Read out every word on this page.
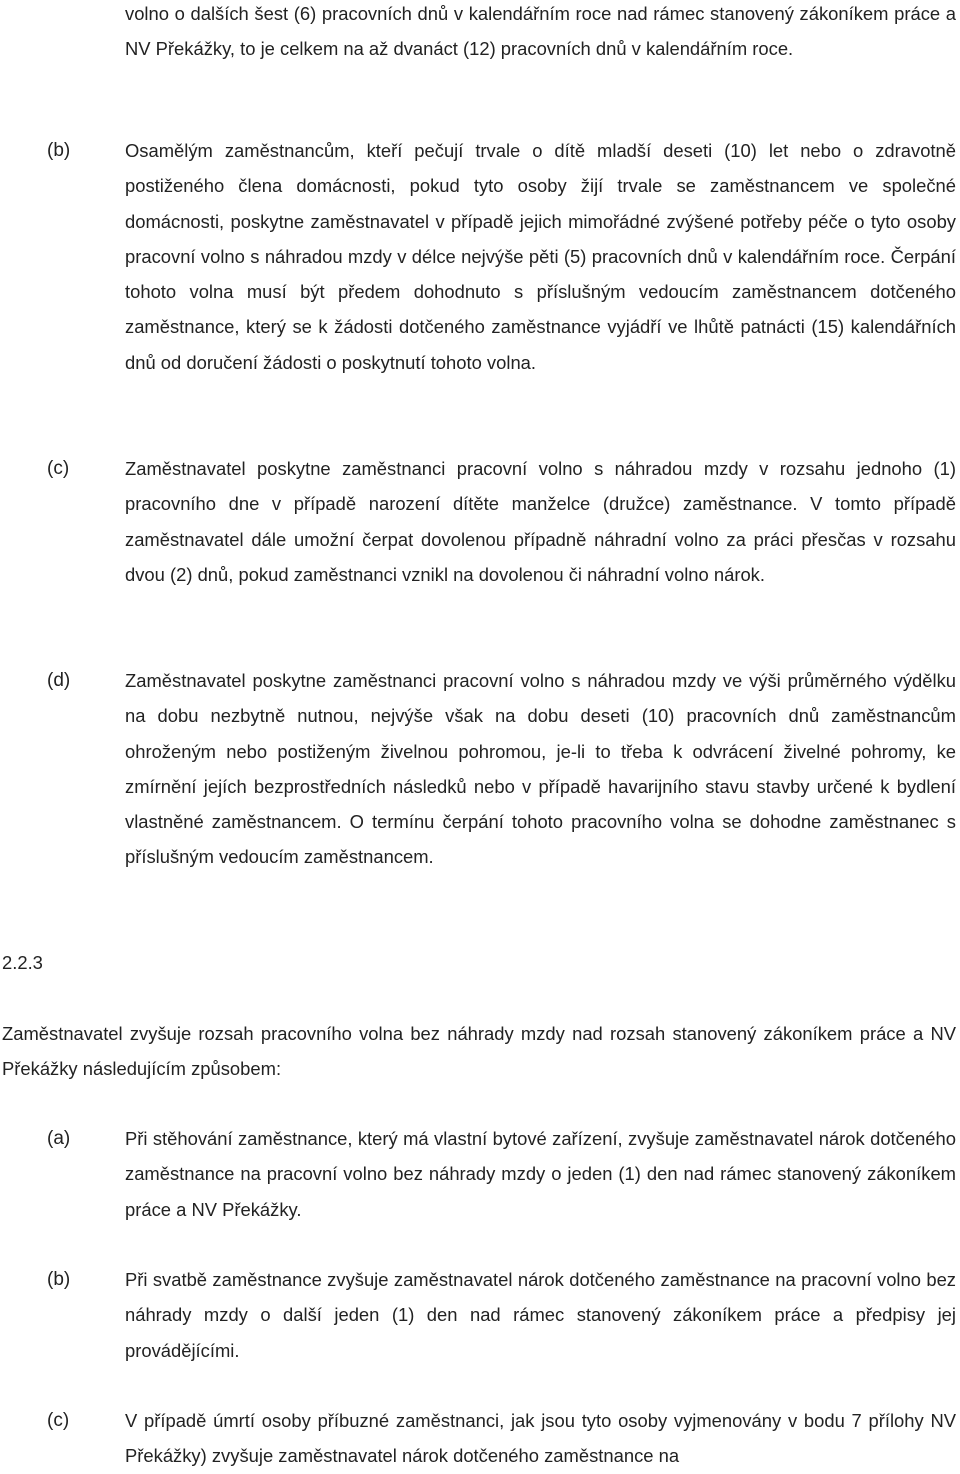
volno o dalších šest (6) pracovních dnů v kalendářním roce nad rámec stanovený zákoníkem práce a NV Překážky, to je celkem na až dvanáct (12) pracovních dnů v kalendářním roce.
(b)	Osamělým zaměstnancům, kteří pečují trvale o dítě mladší deseti (10) let nebo o zdravotně postiženého člena domácnosti, pokud tyto osoby žijí trvale se zaměstnancem ve společné domácnosti, poskytne zaměstnavatel v případě jejich mimořádné zvýšené potřeby péče o tyto osoby pracovní volno s náhradou mzdy v délce nejvýše pěti (5) pracovních dnů v kalendářním roce. Čerpání tohoto volna musí být předem dohodnuto s příslušným vedoucím zaměstnancem dotčeného zaměstnance, který se k žádosti dotčeného zaměstnance vyjádří ve lhůtě patnácti (15) kalendářních dnů od doručení žádosti o poskytnutí tohoto volna.
(c)	Zaměstnavatel poskytne zaměstnanci pracovní volno s náhradou mzdy v rozsahu jednoho (1) pracovního dne v případě narození dítěte manželce (družce) zaměstnance. V tomto případě zaměstnavatel dále umožní čerpat dovolenou případně náhradní volno za práci přesčas v rozsahu dvou (2) dnů, pokud zaměstnanci vznikl na dovolenou či náhradní volno nárok.
(d)	Zaměstnavatel poskytne zaměstnanci pracovní volno s náhradou mzdy ve výši průměrného výdělku na dobu nezbytně nutnou, nejvýše však na dobu deseti (10) pracovních dnů zaměstnancům ohroženým nebo postiženým živelnou pohromou, je-li to třeba k odvrácení živelné pohromy, ke zmírnění jejích bezprostředních následků nebo v případě havarijního stavu stavby určené k bydlení vlastněné zaměstnancem. O termínu čerpání tohoto pracovního volna se dohodne zaměstnanec s příslušným vedoucím zaměstnancem.
2.2.3
Zaměstnavatel zvyšuje rozsah pracovního volna bez náhrady mzdy nad rozsah stanovený zákoníkem práce a NV Překážky následujícím způsobem:
(a)	Při stěhování zaměstnance, který má vlastní bytové zařízení, zvyšuje zaměstnavatel nárok dotčeného zaměstnance na pracovní volno bez náhrady mzdy o jeden (1) den nad rámec stanovený zákoníkem práce a NV Překážky.
(b)	Při svatbě zaměstnance zvyšuje zaměstnavatel nárok dotčeného zaměstnance na pracovní volno bez náhrady mzdy o další jeden (1) den nad rámec stanovený zákoníkem práce a předpisy jej provádějícími.
(c)	V případě úmrtí osoby příbuzné zaměstnanci, jak jsou tyto osoby vyjmenovány v bodu 7 přílohy NV Překážky) zvyšuje zaměstnavatel nárok dotčeného zaměstnance na
